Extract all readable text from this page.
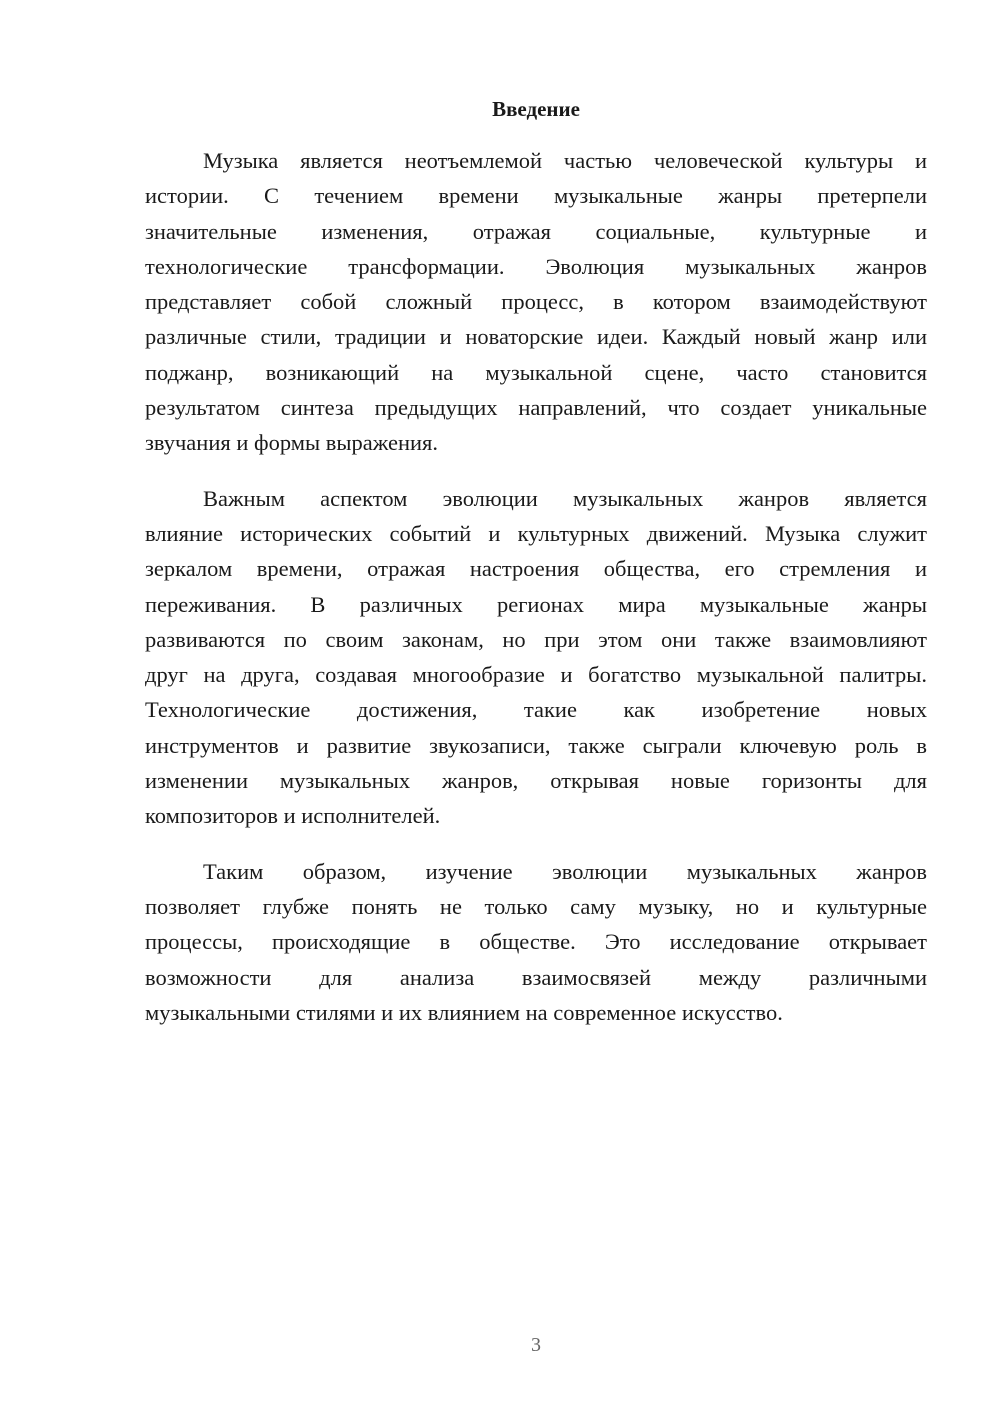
Введение
Музыка является неотъемлемой частью человеческой культуры и
истории. С течением времени музыкальные жанры претерпели
значительные изменения, отражая социальные, культурные и
технологические трансформации. Эволюция музыкальных жанров
представляет собой сложный процесс, в котором взаимодействуют
различные стили, традиции и новаторские идеи. Каждый новый жанр или
поджанр, возникающий на музыкальной сцене, часто становится
результатом синтеза предыдущих направлений, что создает уникальные
звучания и формы выражения.
Важным аспектом эволюции музыкальных жанров является
влияние исторических событий и культурных движений. Музыка служит
зеркалом времени, отражая настроения общества, его стремления и
переживания. В различных регионах мира музыкальные жанры
развиваются по своим законам, но при этом они также взаимовлияют
друг на друга, создавая многообразие и богатство музыкальной палитры.
Технологические достижения, такие как изобретение новых
инструментов и развитие звукозаписи, также сыграли ключевую роль в
изменении музыкальных жанров, открывая новые горизонты для
композиторов и исполнителей.
Таким образом, изучение эволюции музыкальных жанров
позволяет глубже понять не только саму музыку, но и культурные
процессы, происходящие в обществе. Это исследование открывает
возможности для анализа взаимосвязей между различными
музыкальными стилями и их влиянием на современное искусство.
3
